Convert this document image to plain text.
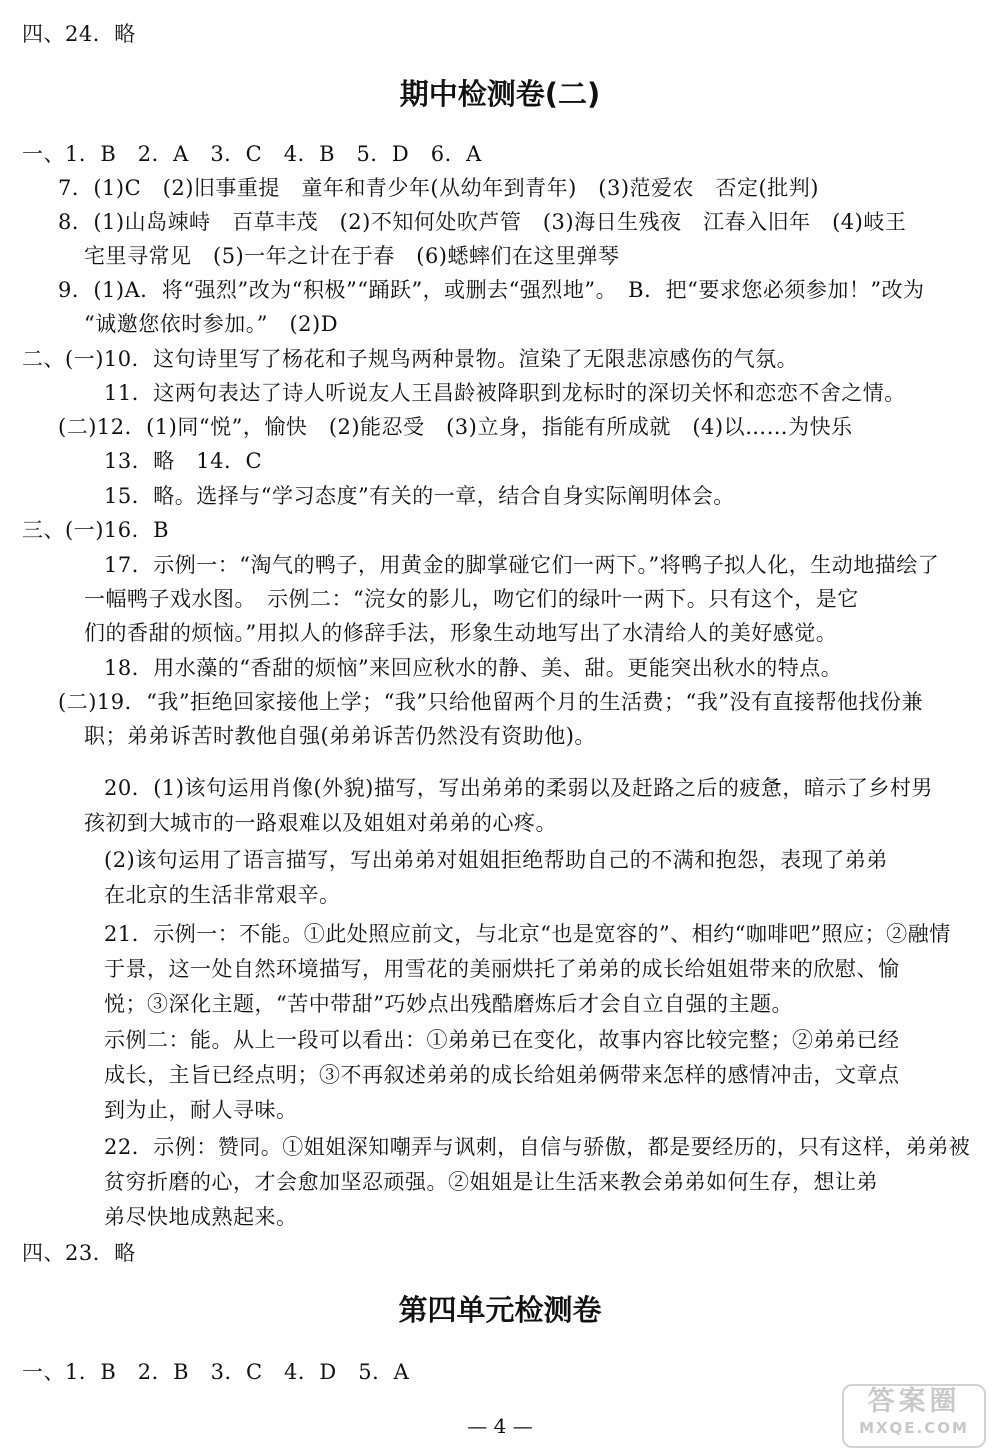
四、24．略
期中检测卷(二)
一、1．B　2．A　3．C　4．B　5．D　6．A
7．(1)C　(2)旧事重提　童年和青少年(从幼年到青年)　(3)范爱农　否定(批判)
8．(1)山岛竦峙　百草丰茂　(2)不知何处吹芦管　(3)海日生残夜　江春入旧年　(4)岐王
宅里寻常见　(5)一年之计在于春　(6)蟋蟀们在这里弹琴
9．(1)A．将“强烈”改为“积极”“踊跃”，或删去“强烈地”。　B．把“要求您必须参加！”改为
“诚邀您依时参加。”　(2)D
二、(一)10．这句诗里写了杨花和子规鸟两种景物。渲染了无限悲凉感伤的气氛。
11．这两句表达了诗人听说友人王昌龄被降职到龙标时的深切关怀和恋恋不舍之情。
(二)12．(1)同“悦”，愉快　(2)能忍受　(3)立身，指能有所成就　(4)以……为快乐
13．略　14．C
15．略。选择与“学习态度”有关的一章，结合自身实际阐明体会。
三、(一)16．B
17．示例一：“淘气的鸭子，用黄金的脚掌碰它们一两下。”将鸭子拟人化，生动地描绘了
一幅鸭子戏水图。　示例二：“浣女的影儿，吻它们的绿叶一两下。只有这个，是它
们的香甜的烦恼。”用拟人的修辞手法，形象生动地写出了水清给人的美好感觉。
18．用水藻的“香甜的烦恼”来回应秋水的静、美、甜。更能突出秋水的特点。
(二)19．“我”拒绝回家接他上学；“我”只给他留两个月的生活费；“我”没有直接帮他找份兼
职；弟弟诉苦时教他自强(弟弟诉苦仍然没有资助他)。
20．(1)该句运用肖像(外貌)描写，写出弟弟的柔弱以及赶路之后的疲惫，暗示了乡村男
孩初到大城市的一路艰难以及姐姐对弟弟的心疼。
(2)该句运用了语言描写，写出弟弟对姐姐拒绝帮助自己的不满和抱怨，表现了弟弟
在北京的生活非常艰辛。
21．示例一：不能。①此处照应前文，与北京“也是宽容的”、相约“咖啡吧”照应；②融情
于景，这一处自然环境描写，用雪花的美丽烘托了弟弟的成长给姐姐带来的欣慰、愉
悦；③深化主题，“苦中带甜”巧妙点出残酷磨炼后才会自立自强的主题。
示例二：能。从上一段可以看出：①弟弟已在变化，故事内容比较完整；②弟弟已经
成长，主旨已经点明；③不再叙述弟弟的成长给姐弟俩带来怎样的感情冲击，文章点
到为止，耐人寻味。
22．示例：赞同。①姐姐深知嘲弄与讽刺，自信与骄傲，都是要经历的，只有这样，弟弟被
贫穷折磨的心，才会愈加坚忍顽强。②姐姐是让生活来教会弟弟如何生存，想让弟
弟尽快地成熟起来。
四、23．略
第四单元检测卷
一、1．B　2．B　3．C　4．D　5．A
— 4 —
答案圈
MXQE.COM
